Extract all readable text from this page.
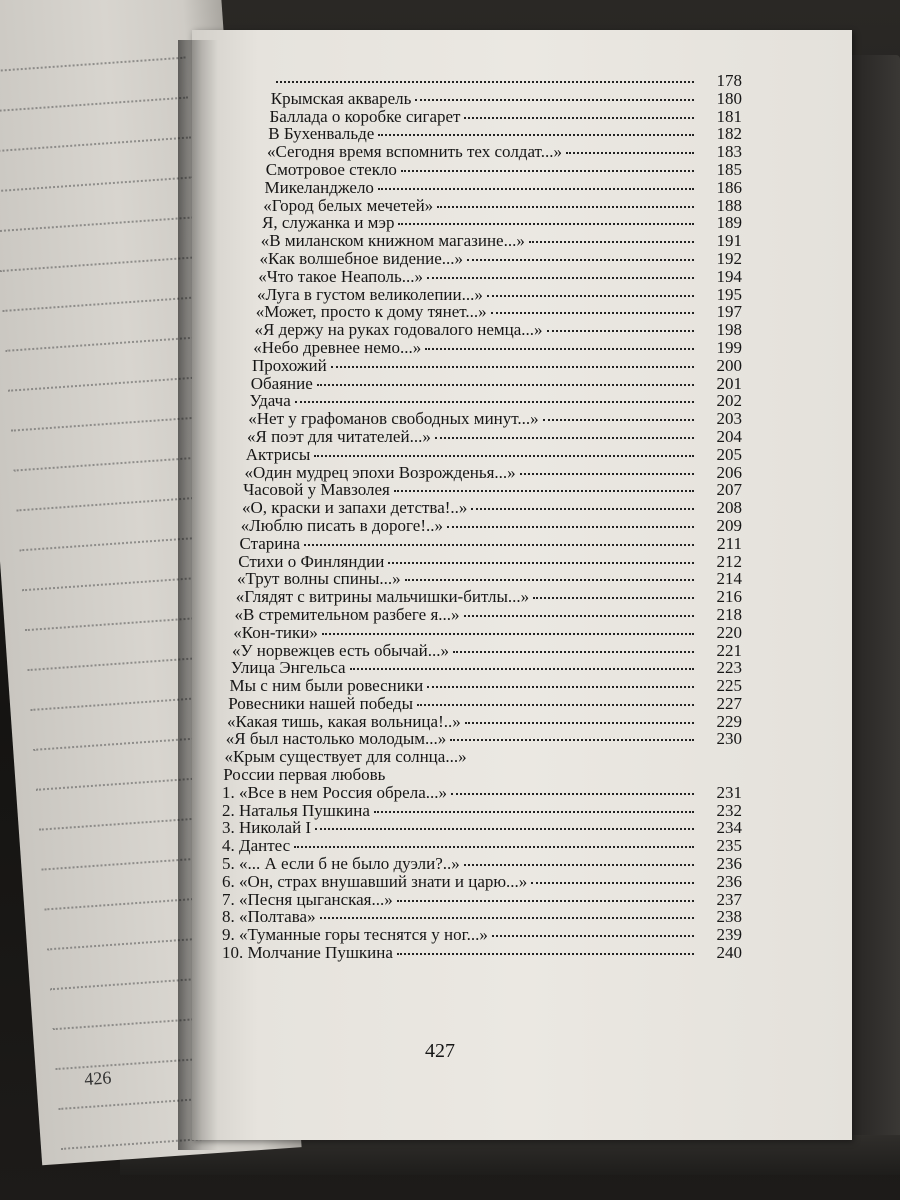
426
178
Крымская акварель	180
Баллада о коробке сигарет	181
В Бухенвальде	182
«Сегодня время вспомнить тех солдат...»	183
Смотровое стекло	185
Микеланджело	186
«Город белых мечетей»	188
Я, служанка и мэр	189
«В миланском книжном магазине...»	191
«Как волшебное видение...»	192
«Что такое Неаполь...»	194
«Луга в густом великолепии...»	195
«Может, просто к дому тянет...»	197
«Я держу на руках годовалого немца...»	198
«Небо древнее немо...»	199
Прохожий	200
Обаяние	201
Удача	202
«Нет у графоманов свободных минут...»	203
«Я поэт для читателей...»	204
Актрисы	205
«Один мудрец эпохи Возрожденья...»	206
Часовой у Мавзолея	207
«О, краски и запахи детства!..»	208
«Люблю писать в дороге!..»	209
Старина	211
Стихи о Финляндии	212
«Трут волны спины...»	214
«Глядят с витрины мальчишки-битлы...»	216
«В стремительном разбеге я...»	218
«Кон-тики»	220
«У норвежцев есть обычай...»	221
Улица Энгельса	223
Мы с ним были ровесники	225
Ровесники нашей победы	227
«Какая тишь, какая вольница!..»	229
«Я был настолько молодым...»	230
«Крым существует для солнца...»
России первая любовь
1. «Все в нем Россия обрела...»	231
2. Наталья Пушкина	232
3. Николай I	234
4. Дантес	235
5. «... А если б не было дуэли?..»	236
6. «Он, страх внушавший знати и царю...»	236
7. «Песня цыганская...»	237
8. «Полтава»	238
9. «Туманные горы теснятся у ног...»	239
10. Молчание Пушкина	240
427
